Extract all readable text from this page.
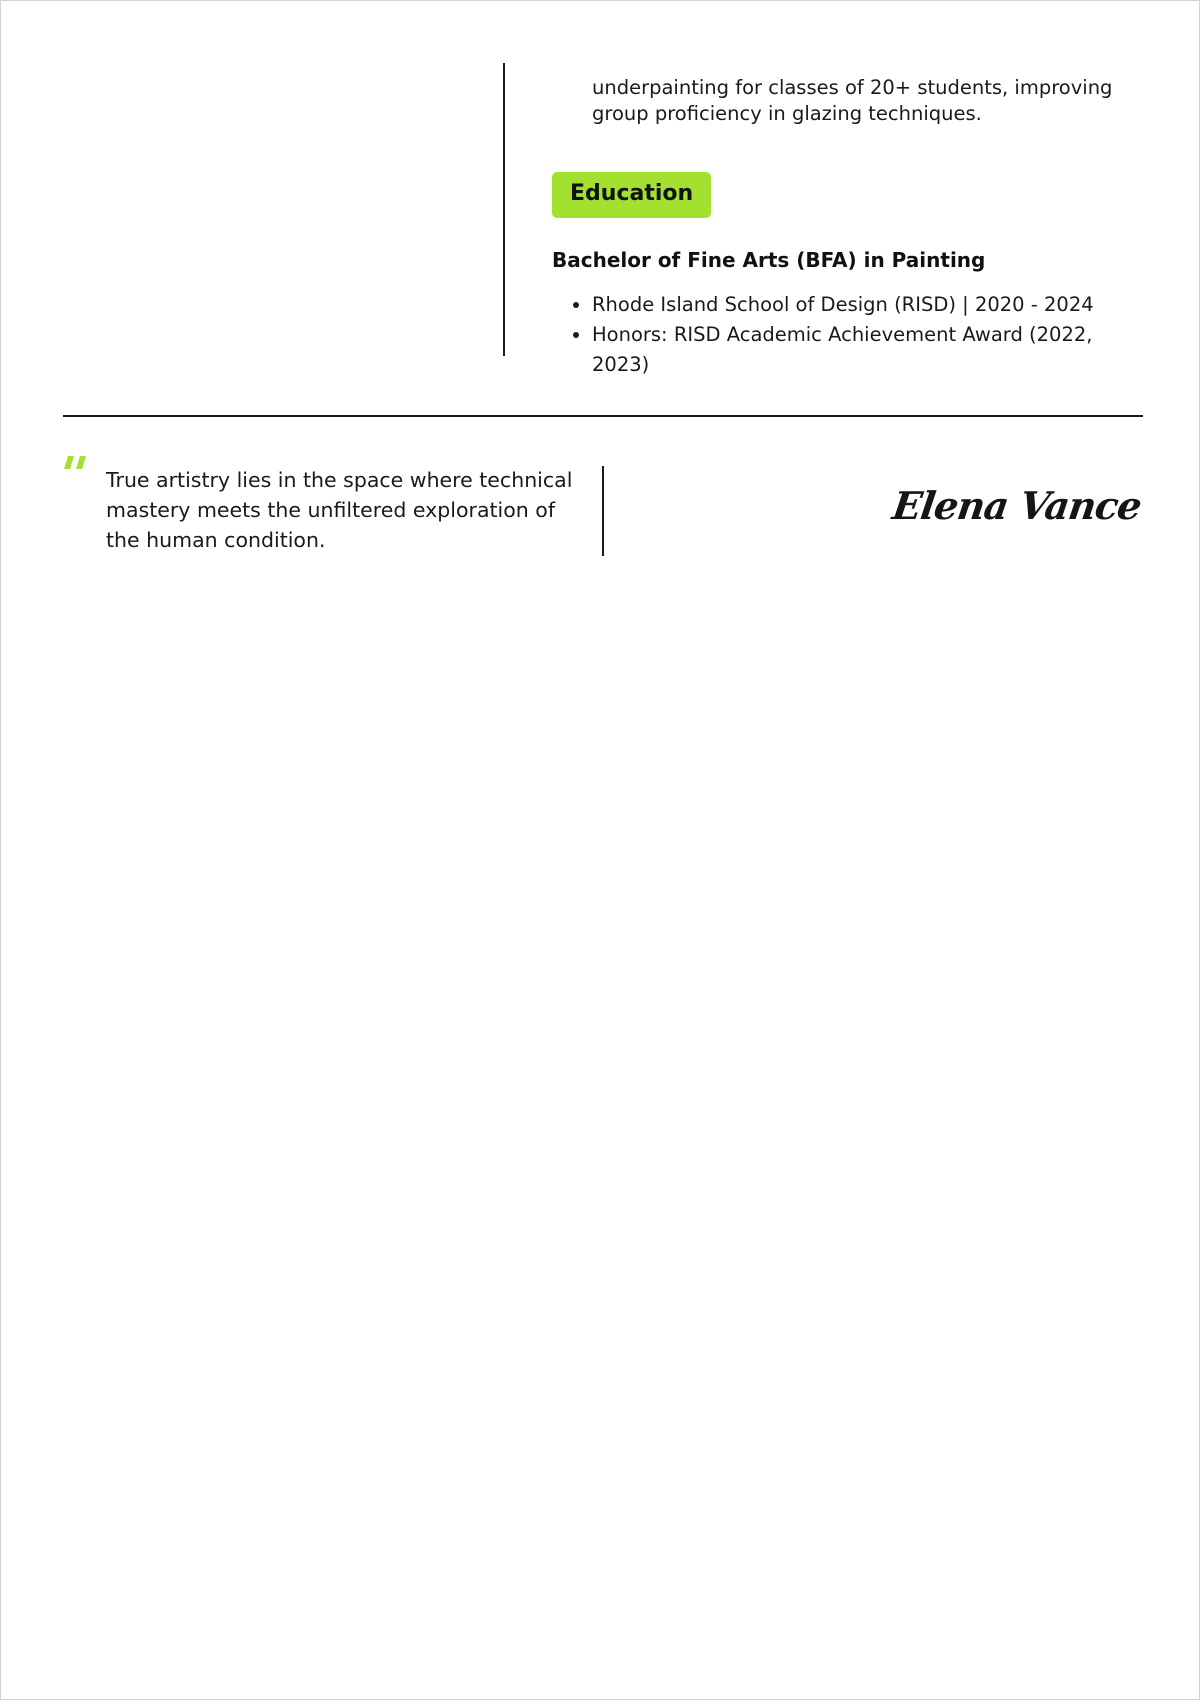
underpainting for classes of 20+ students, improving group proficiency in glazing techniques.

Education
Bachelor of Fine Arts (BFA) in Painting
• Rhode Island School of Design (RISD) | 2020 - 2024
• Honors: RISD Academic Achievement Award (2022, 2023)

True artistry lies in the space where technical mastery meets the unfiltered exploration of the human condition.

Elena Vance
